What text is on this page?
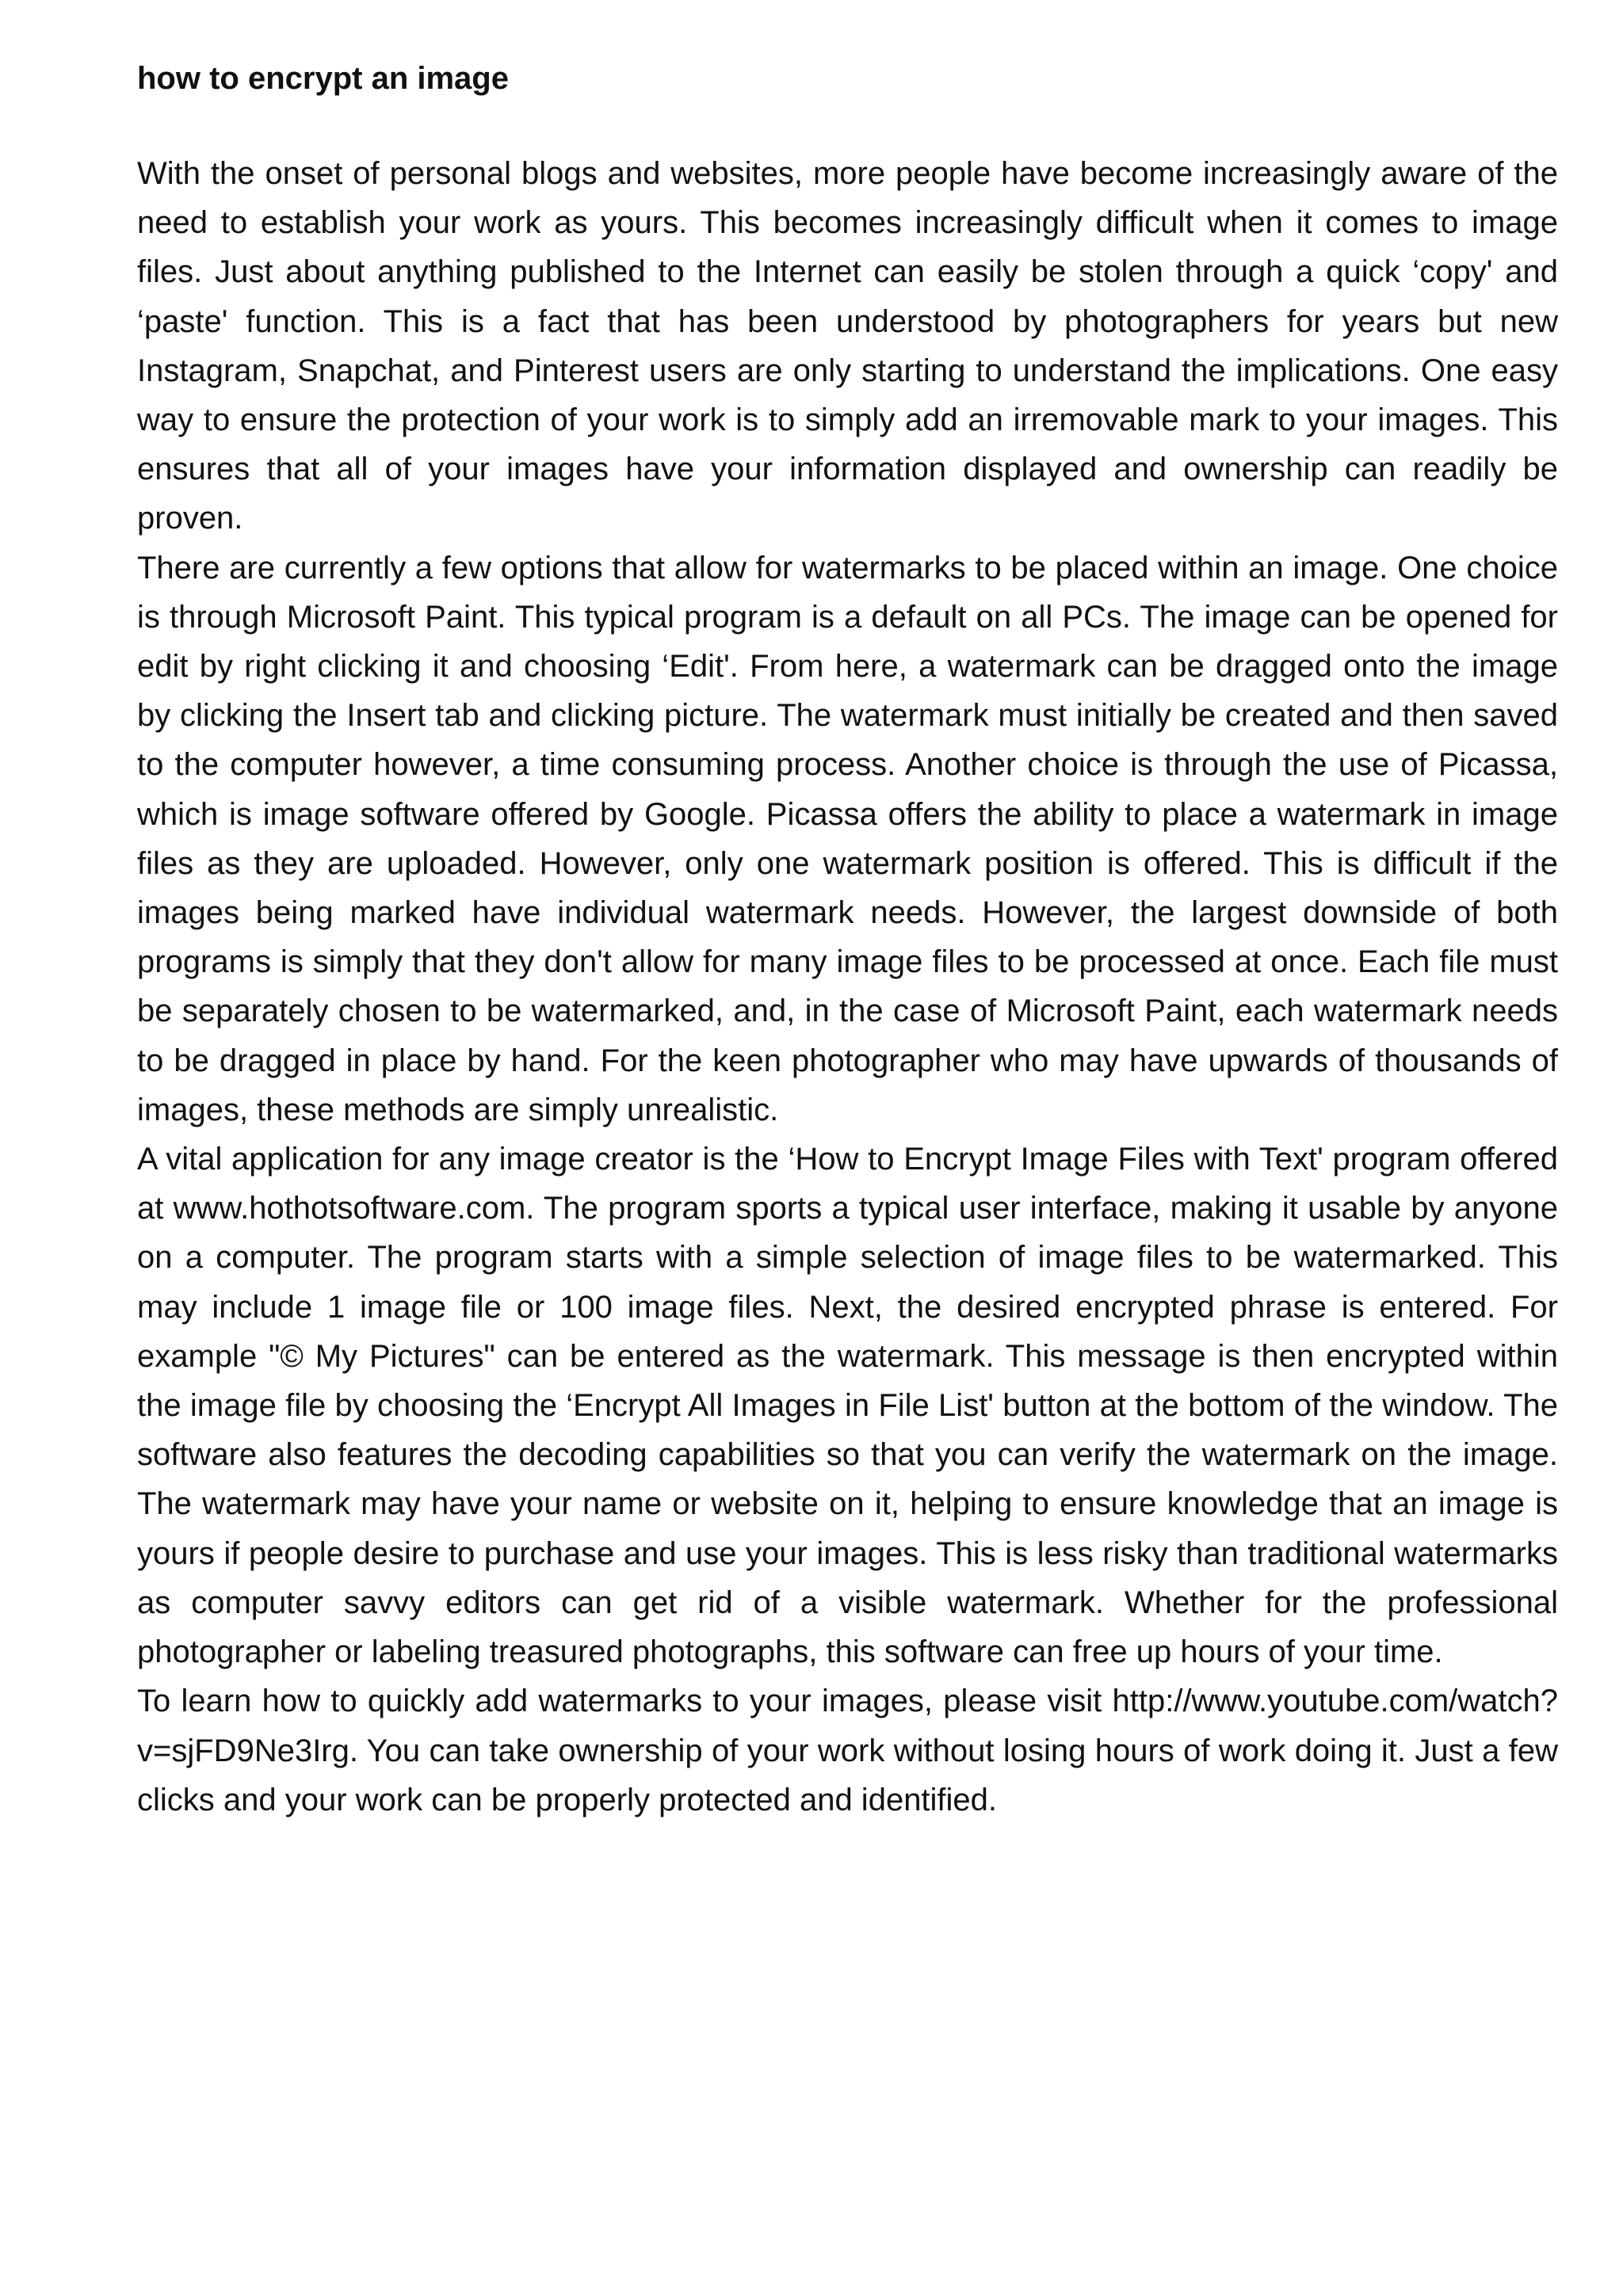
how to encrypt an image

With the onset of personal blogs and websites, more people have become increasingly aware of the need to establish your work as yours. This becomes increasingly difficult when it comes to image files. Just about anything published to the Internet can easily be stolen through a quick ‘copy' and ‘paste' function. This is a fact that has been understood by photographers for years but new Instagram, Snapchat, and Pinterest users are only starting to understand the implications. One easy way to ensure the protection of your work is to simply add an irremovable mark to your images. This ensures that all of your images have your information displayed and ownership can readily be proven.

There are currently a few options that allow for watermarks to be placed within an image. One choice is through Microsoft Paint. This typical program is a default on all PCs. The image can be opened for edit by right clicking it and choosing ‘Edit'. From here, a watermark can be dragged onto the image by clicking the Insert tab and clicking picture. The watermark must initially be created and then saved to the computer however, a time consuming process. Another choice is through the use of Picassa, which is image software offered by Google. Picassa offers the ability to place a watermark in image files as they are uploaded. However, only one watermark position is offered. This is difficult if the images being marked have individual watermark needs. However, the largest downside of both programs is simply that they don't allow for many image files to be processed at once. Each file must be separately chosen to be watermarked, and, in the case of Microsoft Paint, each watermark needs to be dragged in place by hand. For the keen photographer who may have upwards of thousands of images, these methods are simply unrealistic.

A vital application for any image creator is the ‘How to Encrypt Image Files with Text' program offered at www.hothotsoftware.com. The program sports a typical user interface, making it usable by anyone on a computer. The program starts with a simple selection of image files to be watermarked. This may include 1 image file or 100 image files. Next, the desired encrypted phrase is entered. For example "© My Pictures" can be entered as the watermark. This message is then encrypted within the image file by choosing the ‘Encrypt All Images in File List' button at the bottom of the window. The software also features the decoding capabilities so that you can verify the watermark on the image. The watermark may have your name or website on it, helping to ensure knowledge that an image is yours if people desire to purchase and use your images. This is less risky than traditional watermarks as computer savvy editors can get rid of a visible watermark. Whether for the professional photographer or labeling treasured photographs, this software can free up hours of your time.

To learn how to quickly add watermarks to your images, please visit http://www.youtube.com/watch?v=sjFD9Ne3Irg. You can take ownership of your work without losing hours of work doing it. Just a few clicks and your work can be properly protected and identified.
